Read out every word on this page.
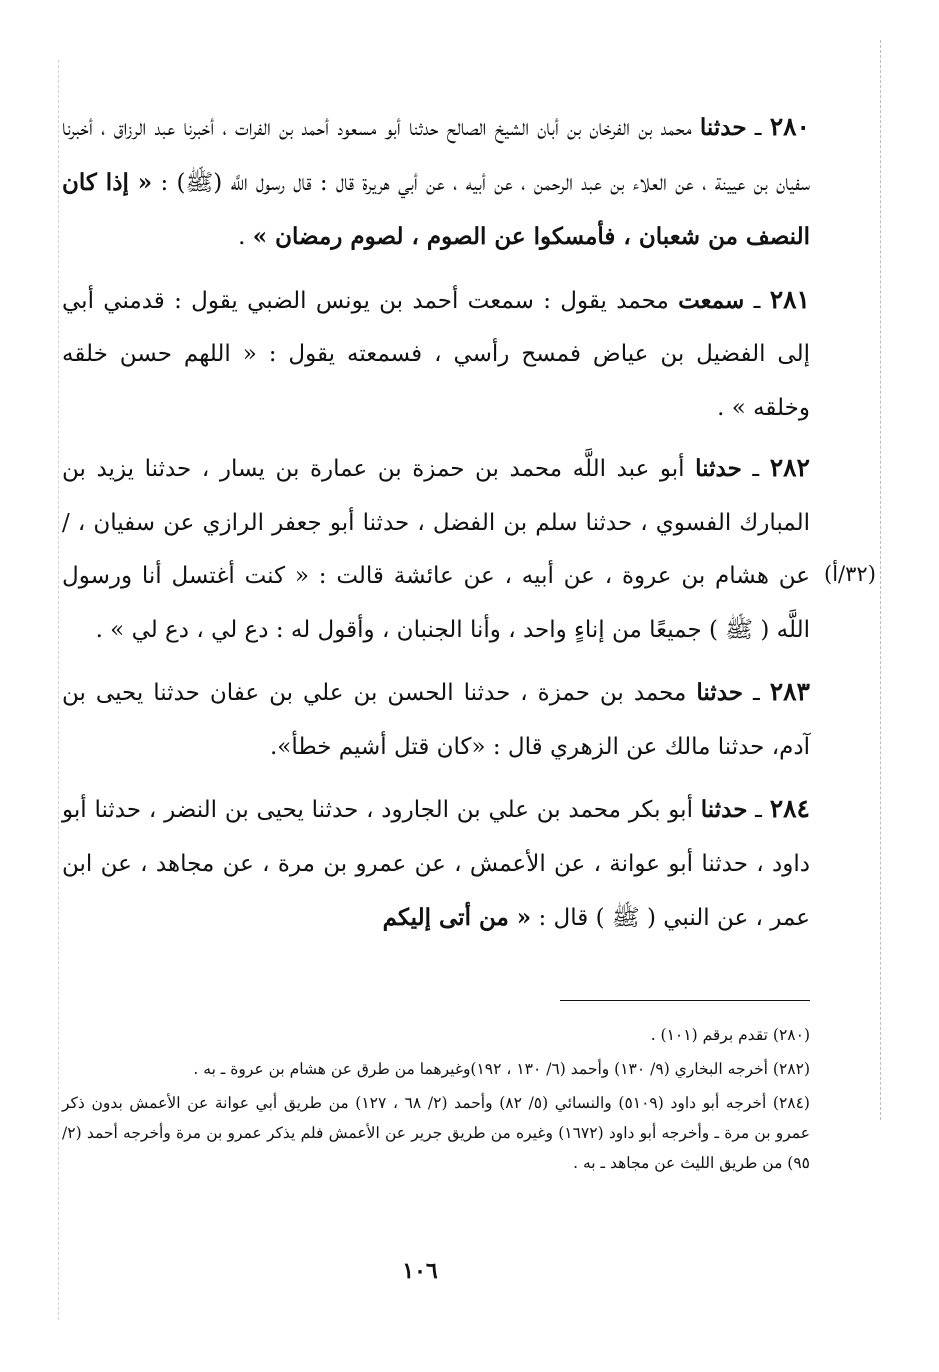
٢٨٠ ـ حدثنا محمد بن الفرخان بن أبان الشيخ الصالح حدثنا أبو مسعود أحمد بن الفرات ، أخبرنا عبد الرزاق ، أخبرنا سفيان بن عيينة ، عن العلاء بن عبد الرحمن ، عن أبيه ، عن أبي هريرة قال : قال رسول اللَّه (ﷺ) : « إذا كان النصف من شعبان ، فأمسكوا عن الصوم ، لصوم رمضان » .

٢٨١ ـ سمعت محمد يقول : سمعت أحمد بن يونس الضبي يقول : قدمني أبي إلى الفضيل بن عياض فمسح رأسي ، فسمعته يقول : « اللهم حسن خلقه وخلقه » .

٢٨٢ ـ حدثنا أبو عبد اللَّه محمد بن حمزة بن عمارة بن يسار ، حدثنا يزيد بن المبارك الفسوي ، حدثنا سلم بن الفضل ، حدثنا أبو جعفر الرازي عن سفيان ، / عن هشام بن عروة ، عن أبيه ، عن عائشة قالت : « كنت أغتسل أنا ورسول اللَّه ( ﷺ ) جميعًا من إناءٍ واحد ، وأنا الجنبان ، وأقول له : دع لي ، دع لي » .

٢٨٣ ـ حدثنا محمد بن حمزة ، حدثنا الحسن بن علي بن عفان حدثنا يحيى بن آدم، حدثنا مالك عن الزهري قال : «كان قتل أشيم خطأ».

٢٨٤ ـ حدثنا أبو بكر محمد بن علي بن الجارود ، حدثنا يحيى بن النضر ، حدثنا أبو داود ، حدثنا أبو عوانة ، عن الأعمش ، عن عمرو بن مرة ، عن مجاهد ، عن ابن عمر ، عن النبي ( ﷺ ) قال : « من أتى إليكم

(٣٢/أ)

(٢٨٠) تقدم برقم (١٠١) .

(٢٨٢) أخرجه البخاري (٩/ ١٣٠) وأحمد (٦/ ١٣٠ ، ١٩٢)وغيرهما من طرق عن هشام بن عروة ـ به .

(٢٨٤) أخرجه أبو داود (٥١٠٩) والنسائي (٥/ ٨٢) وأحمد (٢/ ٦٨ ، ١٢٧) من طريق أبي عوانة عن الأعمش بدون ذكر عمرو بن مرة ـ وأخرجه أبو داود (١٦٧٢) وغيره من طريق جرير عن الأعمش فلم يذكر عمرو بن مرة وأخرجه أحمد (٢/ ٩٥) من طريق الليث عن مجاهد ـ به .

١٠٦
